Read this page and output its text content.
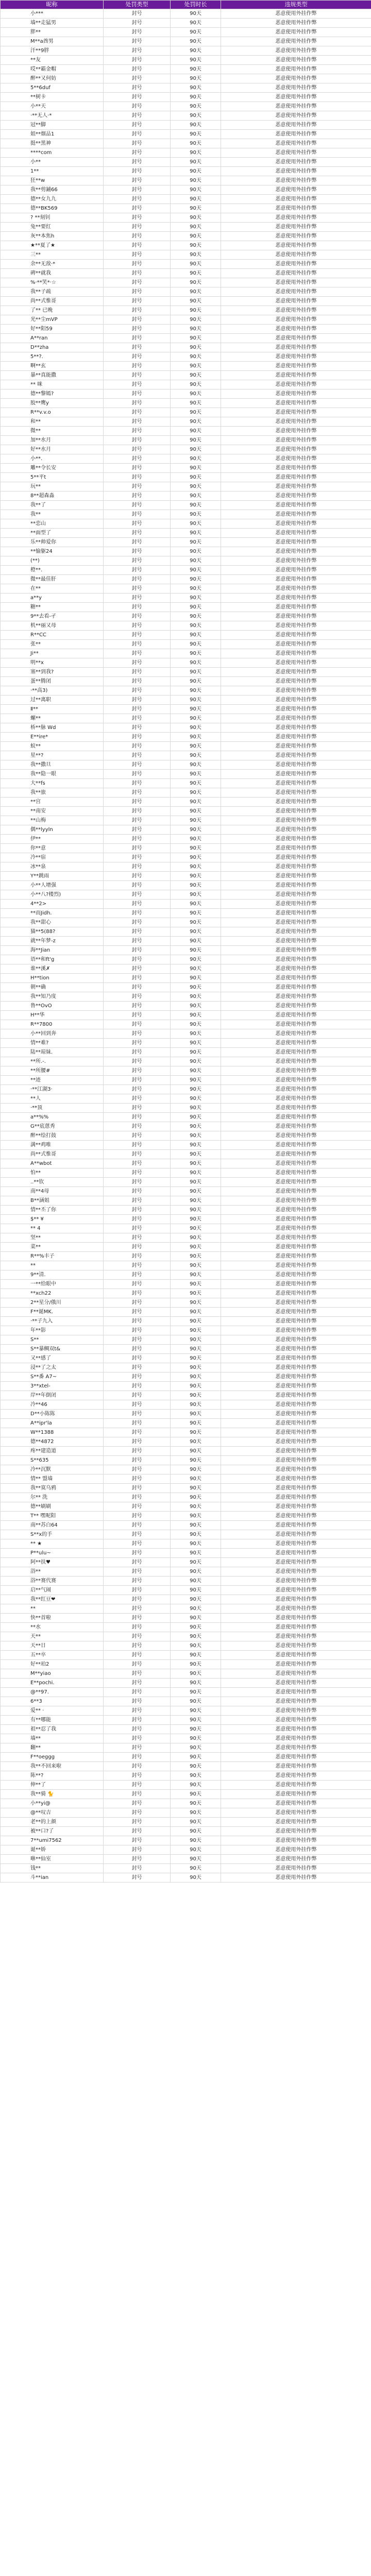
昵称	处罚类型	处罚时长	违规类型
小***	封号	90天	恶意使用外挂作弊
墙**走猛男	封号	90天	恶意使用外挂作弊
胖**	封号	90天	恶意使用外挂作弊
M**a酋男	封号	90天	恶意使用外挂作弊
汗**9胖	封号	90天	恶意使用外挂作弊
**友	封号	90天	恶意使用外挂作弊
哎**霸金帽	封号	90天	恶意使用外挂作弊
醉**又何妨	封号	90天	恶意使用外挂作弊
5**6duf	封号	90天	恶意使用外挂作弊
**树卡	封号	90天	恶意使用外挂作弊
小**天	封号	90天	恶意使用外挂作弊
·**无人·*	封号	90天	恶意使用外挂作弊
冠**脚	封号	90天	恶意使用外挂作弊
姐**烟品1	封号	90天	恶意使用外挂作弊
挺**黑神	封号	90天	恶意使用外挂作弊
****com	封号	90天	恶意使用外挂作弊
小**	封号	90天	恶意使用外挂作弊
1**	封号	90天	恶意使用外挂作弊
狂**w	封号	90天	恶意使用外挂作弊
我**剪鋪66	封号	90天	恶意使用外挂作弊
德**女九九	封号	90天	恶意使用外挂作弊
德**BK569	封号	90天	恶意使用外挂作弊
? **刻钊	封号	90天	恶意使用外挂作弊
兔**要红	封号	90天	恶意使用外挂作弊
灰**本焦h	封号	90天	恶意使用外挂作弊
★**夏了★	封号	90天	恶意使用外挂作弊
三**	封号	90天	恶意使用外挂作弊
余**无敌·*	封号	90天	恶意使用外挂作弊
碑**就我	封号	90天	恶意使用外挂作弊
%·**笑*·☆	封号	90天	恶意使用外挂作弊
我**子疏	封号	90天	恶意使用外挂作弊
尚**式惟哥	封号	90天	恶意使用外挂作弊
了** 已晚	封号	90天	恶意使用外挂作弊
光**尘mVP	封号	90天	恶意使用外挂作弊
好**阳59	封号	90天	恶意使用外挂作弊
A**ran	封号	90天	恶意使用外挂作弊
D**zha	封号	90天	恶意使用外挂作弊
5**?.	封号	90天	恶意使用外挂作弊
啊**玄	封号	90天	恶意使用外挂作弊
暴**真能撒	封号	90天	恶意使用外挂作弊
** 咪	封号	90天	恶意使用外挂作弊
德**黎嫣?	封号	90天	恶意使用外挂作弊
胶**鹰y	封号	90天	恶意使用外挂作弊
R**v.v.o	封号	90天	恶意使用外挂作弊
和**	封号	90天	恶意使用外挂作弊
微**	封号	90天	恶意使用外挂作弊
加**水月	封号	90天	恶意使用外挂作弊
好**水月	封号	90天	恶意使用外挂作弊
小**.	封号	90天	恶意使用外挂作弊
雕**令长安	封号	90天	恶意使用外挂作弊
5**平t	封号	90天	恶意使用外挂作弊
玩**	封号	90天	恶意使用外挂作弊
8**超森淼	封号	90天	恶意使用外挂作弊
我**了	封号	90天	恶意使用外挂作弊
我**	封号	90天	恶意使用外挂作弊
**恋山	封号	90天	恶意使用外挂作弊
**面型了	封号	90天	恶意使用外挂作弊
乐**帅爱你	封号	90天	恶意使用外挂作弊
**愉躯24	封号	90天	恶意使用外挂作弊
(**)	封号	90天	恶意使用外挂作弊
橙**.	封号	90天	恶意使用外挂作弊
微**最佳肝	封号	90天	恶意使用外挂作弊
在**	封号	90天	恶意使用外挂作弊
a**y	封号	90天	恶意使用外挂作弊
糖**	封号	90天	恶意使用外挂作弊
9**去看-孑	封号	90天	恶意使用外挂作弊
机**丽又母	封号	90天	恶意使用外挂作弊
R**CC	封号	90天	恶意使用外挂作弊
张**	封号	90天	恶意使用外挂作弊
Ji**	封号	90天	恶意使用外挂作弊
明**x	封号	90天	恶意使用外挂作弊
塞**到我?	封号	90天	恶意使用外挂作弊
蛋**腾闭	封号	90天	恶意使用外挂作弊
·**高3)	封号	90天	恶意使用外挂作弊
过**离职	封号	90天	恶意使用外挂作弊
Ⅱ**	封号	90天	恶意使用外挂作弊
螺**	封号	90天	恶意使用外挂作弊
桥**脉 Wd	封号	90天	恶意使用外挂作弊
E**ire*	封号	90天	恶意使用外挂作弊
蚁**	封号	90天	恶意使用外挂作弊
星**?	封号	90天	恶意使用外挂作弊
我**撒旦	封号	90天	恶意使用外挂作弊
我**隐一眼	封号	90天	恶意使用外挂作弊
大**fs	封号	90天	恶意使用外挂作弊
我**旅	封号	90天	恶意使用外挂作弊
**宫	封号	90天	恶意使用外挂作弊
**南安	封号	90天	恶意使用外挂作弊
**山梅	封号	90天	恶意使用外挂作弊
偶**lyyln	封号	90天	恶意使用外挂作弊
伊**	封号	90天	恶意使用外挂作弊
你**意	封号	90天	恶意使用外挂作弊
冷**宿	封号	90天	恶意使用外挂作弊
冰**泉	封号	90天	恶意使用外挂作弊
Y**跳雨	封号	90天	恶意使用外挂作弊
小**人增强	封号	90天	恶意使用外挂作弊
小**八?楼烈)	封号	90天	恶意使用外挂作弊
4**2>	封号	90天	恶意使用外挂作弊
**而Jidh.	封号	90天	恶意使用外挂作弊
我**甜心	封号	90天	恶意使用外挂作弊
猫**5(88?	封号	90天	恶意使用外挂作弊
就**年梦-z	封号	90天	恶意使用外挂作弊
海**Jian	封号	90天	恶意使用外挂作弊
语**和ft'g	封号	90天	恶意使用外挂作弊
谁**溪✗	封号	90天	恶意使用外挂作弊
H**tion	封号	90天	恶意使用外挂作弊
朝**确	封号	90天	恶意使用外挂作弊
我**知乃度	封号	90天	恶意使用外挂作弊
鲁**OvO	封号	90天	恶意使用外挂作弊
H**华	封号	90天	恶意使用外挂作弊
R**7800	封号	90天	恶意使用外挂作弊
小**回到奔	封号	90天	恶意使用外挂作弊
情**难?	封号	90天	恶意使用外挂作弊
陆**琼妹.	封号	90天	恶意使用外挂作弊
**所.-.	封号	90天	恶意使用外挂作弊
**所腰#	封号	90天	恶意使用外挂作弊
**迹	封号	90天	恶意使用外挂作弊
·**江湖3·	封号	90天	恶意使用外挂作弊
**人	封号	90天	恶意使用外挂作弊
·**顶	封号	90天	恶意使用外挂作弊
a**%%	封号	90天	恶意使用外挂作弊
G**底蒽秀	封号	90天	恶意使用外挂作弊
醉**绘打鼓	封号	90天	恶意使用外挂作弊
满**鸡唯	封号	90天	恶意使用外挂作弊
尚**式惟哥	封号	90天	恶意使用外挂作弊
A**wbot	封号	90天	恶意使用外挂作弊
怕**	封号	90天	恶意使用外挂作弊
..**钦	封号	90天	恶意使用外挂作弊
南**4母	封号	90天	恶意使用外挂作弊
B**涵姐	封号	90天	恶意使用外挂作弊
情**丕了你	封号	90天	恶意使用外挂作弊
$** ¥	封号	90天	恶意使用外挂作弊
** 4	封号	90天	恶意使用外挂作弊
坚**	封号	90天	恶意使用外挂作弊
菜**	封号	90天	恶意使用外挂作弊
R**%丰子	封号	90天	恶意使用外挂作弊
**	封号	90天	恶意使用外挂作弊
9**清.	封号	90天	恶意使用外挂作弊
一**给眼中	封号	90天	恶意使用外挂作弊
**xch22	封号	90天	恶意使用外挂作弊
2**星分/俄川	封号	90天	恶意使用外挂作弊
F**诞MK.	封号	90天	恶意使用外挂作弊
·**子九入	封号	90天	恶意使用外挂作弊
年**影	封号	90天	恶意使用外挂作弊
S**	封号	90天	恶意使用外挂作弊
S**暴鲷双t&	封号	90天	恶意使用外挂作弊
又**感了	封号	90天	恶意使用外挂作弊
浸**了之太	封号	90天	恶意使用外挂作弊
S**番 A7~	封号	90天	恶意使用外挂作弊
3**xtel-	封号	90天	恶意使用外挂作弊
岸**年倒闭	封号	90天	恶意使用外挂作弊
冷**46	封号	90天	恶意使用外挂作弊
D**小陈陈	封号	90天	恶意使用外挂作弊
A**ipr'la	封号	90天	恶意使用外挂作弊
W**1388	封号	90天	恶意使用外挂作弊
德**4872	封号	90天	恶意使用外挂作弊
疼**建造道	封号	90天	恶意使用外挂作弊
S**635	封号	90天	恶意使用外挂作弊
冷**沉默	封号	90天	恶意使用外挂作弊
情** 盟墙	封号	90天	恶意使用外挂作弊
我**寞乌鸦	封号	90天	恶意使用外挂作弊
尔** 洗	封号	90天	恶意使用外挂作弊
德**刷刷	封号	90天	恶意使用外挂作弊
T** 嘿呢阳	封号	90天	恶意使用外挂作弊
南**苏白64	封号	90天	恶意使用外挂作弊
S**x的手	封号	90天	恶意使用外挂作弊
** ★	封号	90天	恶意使用外挂作弊
P**ulu~	封号	90天	恶意使用外挂作弊
阿**扶♥	封号	90天	恶意使用外挂作弊
浴**	封号	90天	恶意使用外挂作弊
浴**赛代赛	封号	90天	恶意使用外挂作弊
启**气闹	封号	90天	恶意使用外挂作弊
我**红豆❤	封号	90天	恶意使用外挂作弊
**	封号	90天	恶意使用外挂作弊
快**首啦	封号	90天	恶意使用外挂作弊
**水	封号	90天	恶意使用外挂作弊
天**	封号	90天	恶意使用外挂作弊
天**日	封号	90天	恶意使用外挂作弊
五**卒	封号	90天	恶意使用外挂作弊
好**珀2	封号	90天	恶意使用外挂作弊
M**yiao	封号	90天	恶意使用外挂作弊
E**pochi.	封号	90天	恶意使用外挂作弊
@**97.	封号	90天	恶意使用外挂作弊
6**3	封号	90天	恶意使用外挂作弊
爱** ·	封号	90天	恶意使用外挂作弊
有**哪能	封号	90天	恶意使用外挂作弊
祖**忍了我	封号	90天	恶意使用外挂作弊
墙**	封号	90天	恶意使用外挂作弊
翻**	封号	90天	恶意使用外挂作弊
F**oeggg	封号	90天	恶意使用外挂作弊
我**不回来啦	封号	90天	恶意使用外挂作弊
陈**?	封号	90天	恶意使用外挂作弊
伸**了	封号	90天	恶意使用外挂作弊
我**骑 🐈	封号	90天	恶意使用外挂作弊
小**yi@	封号	90天	恶意使用外挂作弊
@**叹吉	封号	90天	恶意使用外挂作弊
老**的上颜	封号	90天	恶意使用外挂作弊
被**口?了	封号	90天	恶意使用外挂作弊
7**umi7562	封号	90天	恶意使用外挂作弊
诞**娇	封号	90天	恶意使用外挂作弊
咻**仙室	封号	90天	恶意使用外挂作弊
钱**	封号	90天	恶意使用外挂作弊
斗**ian	封号	90天	恶意使用外挂作弊
